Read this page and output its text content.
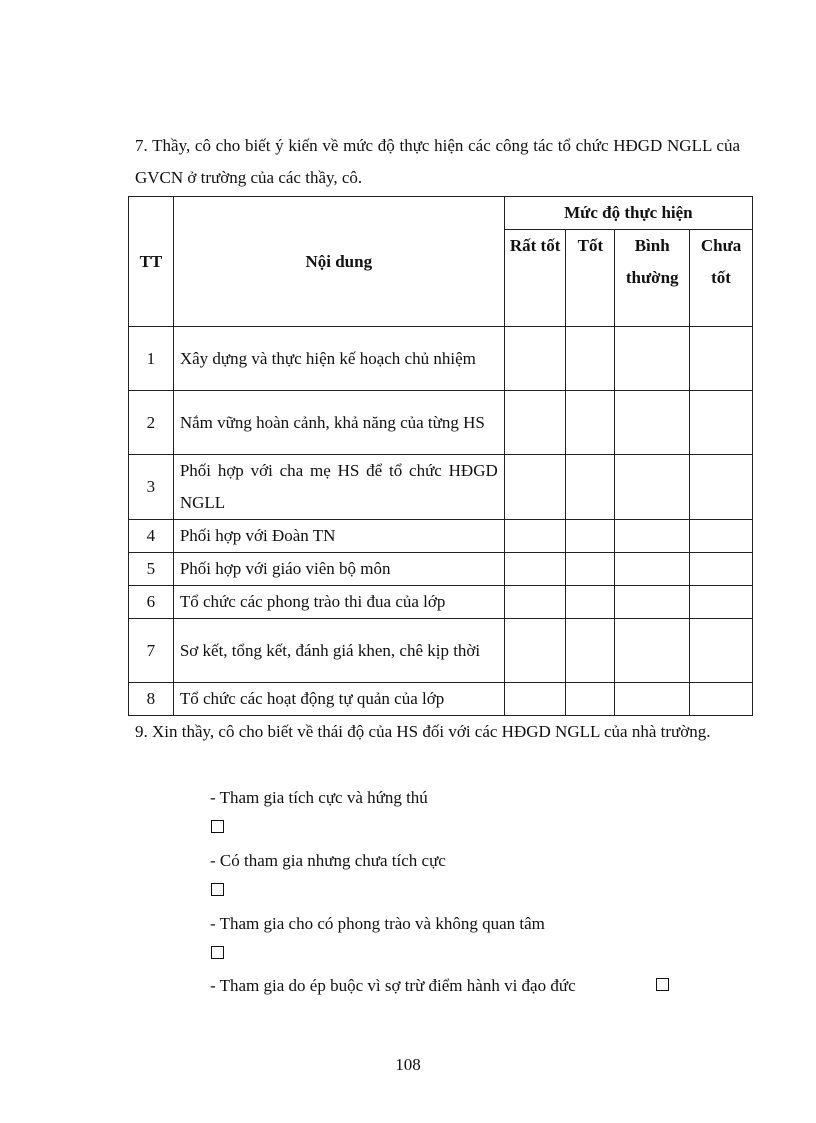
7. Thầy, cô cho biết ý kiến về mức độ thực hiện các công tác tổ chức HĐGD NGLL của GVCN ở trường của các thầy, cô.
TT	Nội dung	Mức độ thực hiện			
		Rất tốt	Tốt	Bình thường	Chưa tốt
1	Xây dựng và thực hiện kế hoạch chủ nhiệm				
2	Nắm vững hoàn cảnh, khả năng của từng HS				
3	Phối hợp với cha mẹ HS để tổ chức HĐGD NGLL				
4	Phối hợp với Đoàn TN				
5	Phối hợp với giáo viên bộ môn				
6	Tổ chức các phong trào thi đua của lớp				
7	Sơ kết, tổng kết, đánh giá khen, chê kịp thời				
8	Tổ chức các hoạt động tự quản của lớp				
9. Xin thầy, cô cho biết về thái độ của HS đối với các HĐGD NGLL của nhà trường.
- Tham gia tích cực và hứng thú
- Có tham gia nhưng chưa tích cực
- Tham gia cho có phong trào và không quan tâm
- Tham gia do ép buộc vì sợ trừ điểm hành vi đạo đức
108
